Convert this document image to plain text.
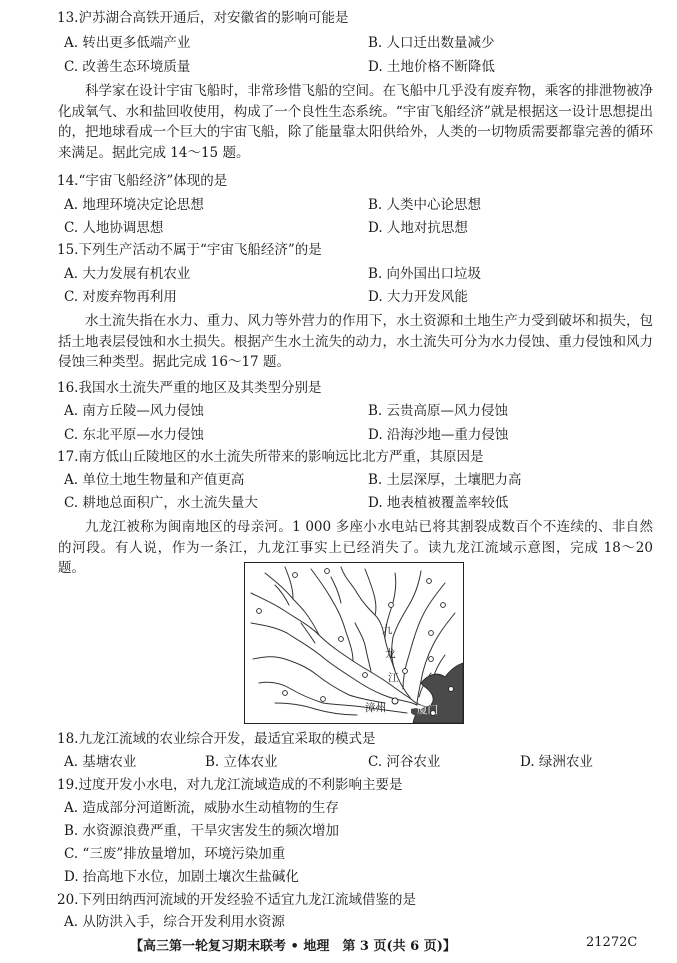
13.沪苏湖合高铁开通后，对安徽省的影响可能是
A. 转出更多低端产业	B. 人口迁出数量减少
C. 改善生态环境质量	D. 土地价格不断降低
科学家在设计宇宙飞船时，非常珍惜飞船的空间。在飞船中几乎没有废弃物，乘客的排泄物被净化成氧气、水和盐回收使用，构成了一个良性生态系统。“宇宙飞船经济”就是根据这一设计思想提出的，把地球看成一个巨大的宇宙飞船，除了能量靠太阳供给外，人类的一切物质需要都靠完善的循环来满足。据此完成 14～15 题。
14.“宇宙飞船经济”体现的是
A. 地理环境决定论思想	B. 人类中心论思想
C. 人地协调思想	D. 人地对抗思想
15.下列生产活动不属于“宇宙飞船经济”的是
A. 大力发展有机农业	B. 向外国出口垃圾
C. 对废弃物再利用	D. 大力开发风能
水土流失指在水力、重力、风力等外营力的作用下，水土资源和土地生产力受到破坏和损失，包括土地表层侵蚀和水土损失。根据产生水土流失的动力，水土流失可分为水力侵蚀、重力侵蚀和风力侵蚀三种类型。据此完成 16～17 题。
16.我国水土流失严重的地区及其类型分别是
A. 南方丘陵—风力侵蚀	B. 云贵高原—风力侵蚀
C. 东北平原—水力侵蚀	D. 沿海沙地—重力侵蚀
17.南方低山丘陵地区的水土流失所带来的影响远比北方严重，其原因是
A. 单位土地生物量和产值更高	B. 土层深厚，土壤肥力高
C. 耕地总面积广，水土流失量大	D. 地表植被覆盖率较低
九龙江被称为闽南地区的母亲河。1 000 多座小水电站已将其割裂成数百个不连续的、非自然的河段。有人说，作为一条江，九龙江事实上已经消失了。读九龙江流域示意图，完成 18～20 题。
九
龙
江
漳州	厦门
18.九龙江流域的农业综合开发，最适宜采取的模式是
A. 基塘农业	B. 立体农业	C. 河谷农业	D. 绿洲农业
19.过度开发小水电，对九龙江流域造成的不利影响主要是
A. 造成部分河道断流，威胁水生动植物的生存
B. 水资源浪费严重，干旱灾害发生的频次增加
C. “三废”排放量增加，环境污染加重
D. 抬高地下水位，加剧土壤次生盐碱化
20.下列田纳西河流域的开发经验不适宜九龙江流域借鉴的是
A. 从防洪入手，综合开发利用水资源
【高三第一轮复习期末联考 • 地理　第 3 页(共 6 页)】	21272C
